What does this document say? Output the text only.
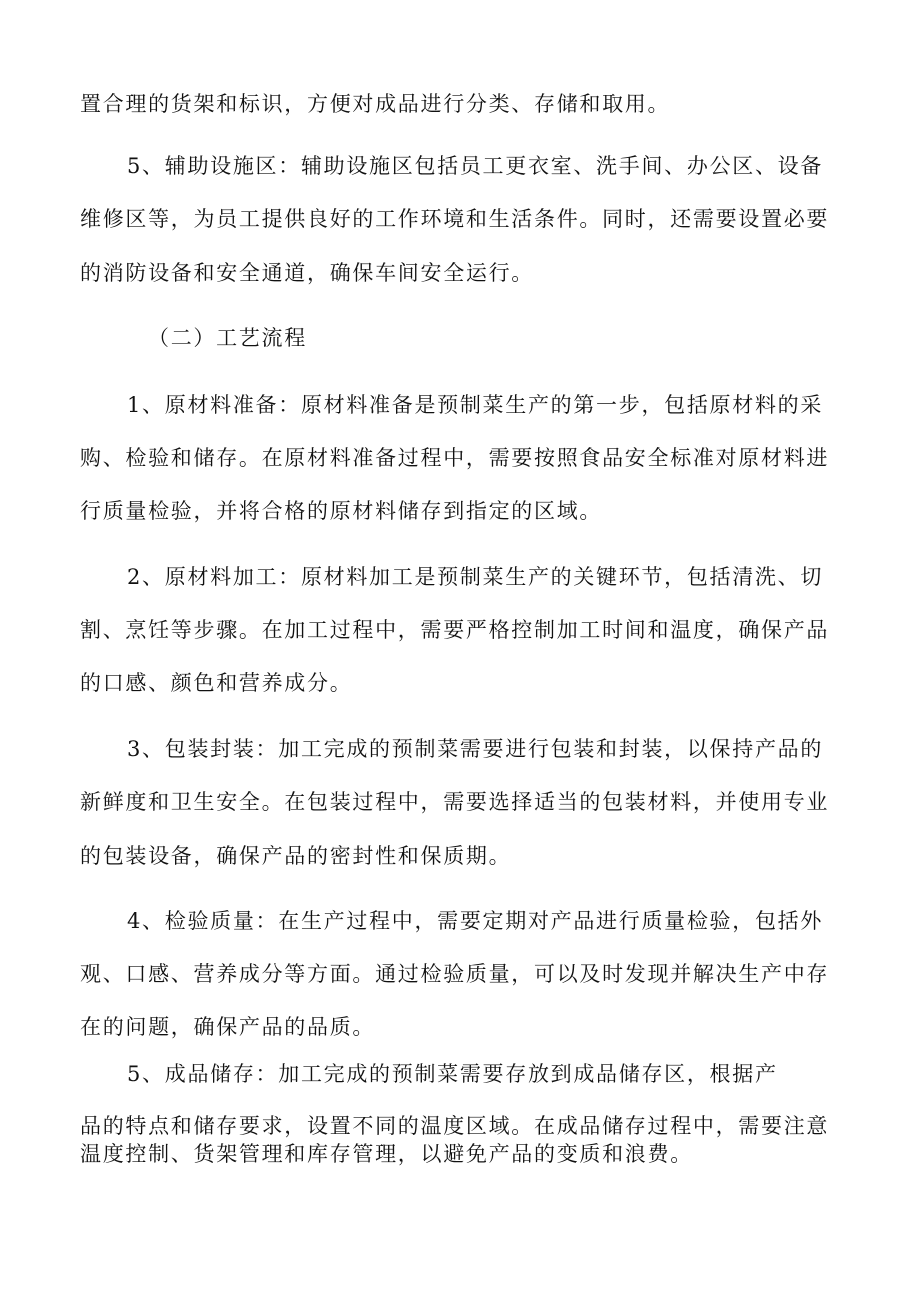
置合理的货架和标识，方便对成品进行分类、存储和取用。

5、辅助设施区：辅助设施区包括员工更衣室、洗手间、办公区、设备

维修区等，为员工提供良好的工作环境和生活条件。同时，还需要设置必要

的消防设备和安全通道，确保车间安全运行。

（二）工艺流程

1、原材料准备：原材料准备是预制菜生产的第一步，包括原材料的采

购、检验和储存。在原材料准备过程中，需要按照食品安全标准对原材料进

行质量检验，并将合格的原材料储存到指定的区域。

2、原材料加工：原材料加工是预制菜生产的关键环节，包括清洗、切

割、烹饪等步骤。在加工过程中，需要严格控制加工时间和温度，确保产品

的口感、颜色和营养成分。

3、包装封装：加工完成的预制菜需要进行包装和封装，以保持产品的

新鲜度和卫生安全。在包装过程中，需要选择适当的包装材料，并使用专业

的包装设备，确保产品的密封性和保质期。

4、检验质量：在生产过程中，需要定期对产品进行质量检验，包括外

观、口感、营养成分等方面。通过检验质量，可以及时发现并解决生产中存

在的问题，确保产品的品质。

5、成品储存：加工完成的预制菜需要存放到成品储存区，根据产

品的特点和储存要求，设置不同的温度区域。在成品储存过程中，需要注意

温度控制、货架管理和库存管理，以避免产品的变质和浪费。
